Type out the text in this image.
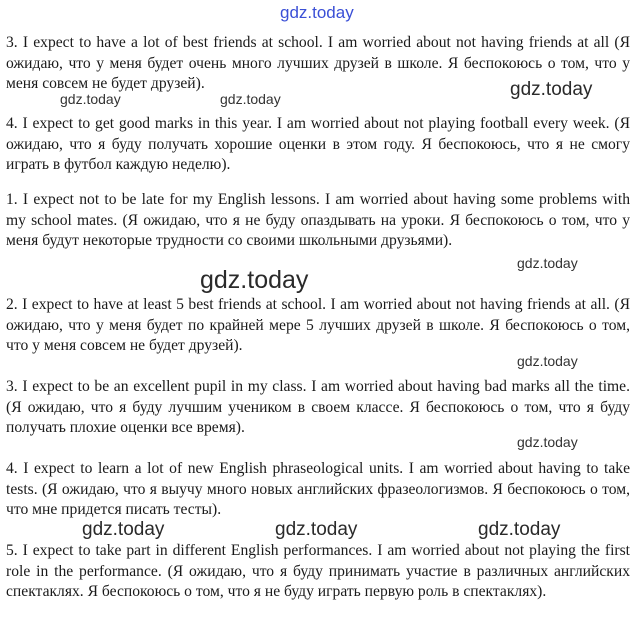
gdz.today

3. I expect to have a lot of best friends at school. I am worried about not having friends at all (Я ожидаю, что у меня будет очень много лучших друзей в школе. Я беспокоюсь о том, что у меня совсем не будет друзей).

4. I expect to get good marks in this year. I am worried about not playing football every week. (Я ожидаю, что я буду получать хорошие оценки в этом году. Я беспокоюсь, что я не смогу играть в футбол каждую неделю).

1. I expect not to be late for my English lessons. I am worried about having some problems with my school mates. (Я ожидаю, что я не буду опаздывать на уроки. Я беспокоюсь о том, что у меня будут некоторые трудности со своими школьными друзьями).

2. I expect to have at least 5 best friends at school. I am worried about not having friends at all. (Я ожидаю, что у меня будет по крайней мере 5 лучших друзей в школе. Я беспокоюсь о том, что у меня совсем не будет друзей).

3. I expect to be an excellent pupil in my class. I am worried about having bad marks all the time. (Я ожидаю, что я буду лучшим учеником в своем классе. Я беспокоюсь о том, что я буду получать плохие оценки все время).

4. I expect to learn a lot of new English phraseological units. I am worried about having to take tests. (Я ожидаю, что я выучу много новых английских фразеологизмов. Я беспокоюсь о том, что мне придется писать тесты).

5. I expect to take part in different English performances. I am worried about not playing the first role in the performance. (Я ожидаю, что я буду принимать участие в различных английских спектаклях. Я беспокоюсь о том, что я не буду играть первую роль в спектаклях).

gdz.today	gdz.today	gdz.today
gdz.today
gdz.today
gdz.today
gdz.today
gdz.today	gdz.today	gdz.today
